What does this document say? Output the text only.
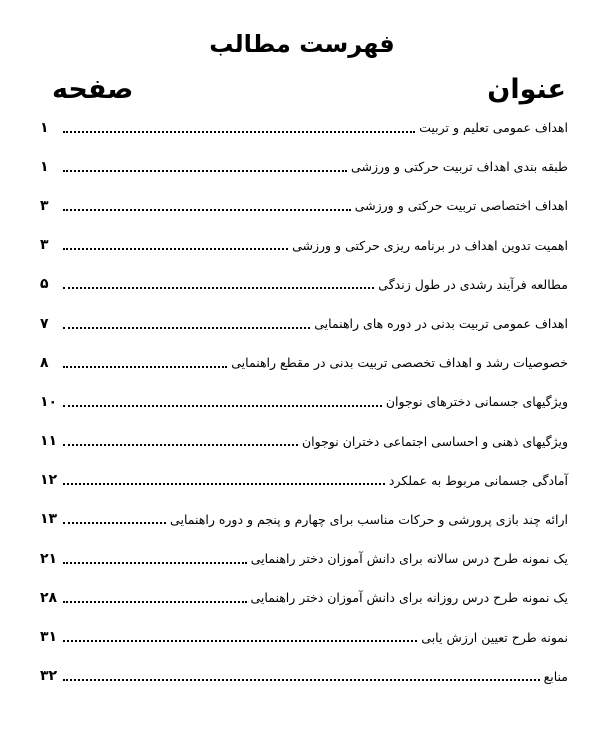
فهرست مطالب
عنوان
صفحه
اهداف عمومی تعلیم و تربیت
۱
طبقه بندی اهداف تربیت حرکتی و ورزشی
۱
اهداف اختصاصی تربیت حرکتی و ورزشی
۳
اهمیت تدوین اهداف در برنامه ریزی حرکتی و ورزشی
۳
مطالعه فرآیند رشدی در طول زندگی
۵
اهداف عمومی تربیت بدنی در دوره های راهنمایی
۷
خصوصیات رشد و اهداف تخصصی تربیت بدنی در مقطع راهنمایی
۸
ویژگیهای جسمانی دخترهای نوجوان
۱۰
ویژگیهای ذهنی و احساسی اجتماعی دختران نوجوان
۱۱
آمادگی جسمانی مربوط به عملکرد
۱۲
ارائه چند بازی پرورشی و حرکات مناسب برای چهارم و پنجم و دوره راهنمایی
۱۳
یک نمونه طرح درس سالانه برای دانش آموزان دختر راهنمایی
۲۱
یک نمونه طرح درس روزانه برای دانش آموزان دختر راهنمایی
۲۸
نمونه طرح تعیین ارزش یابی
۳۱
منابع
۳۲
